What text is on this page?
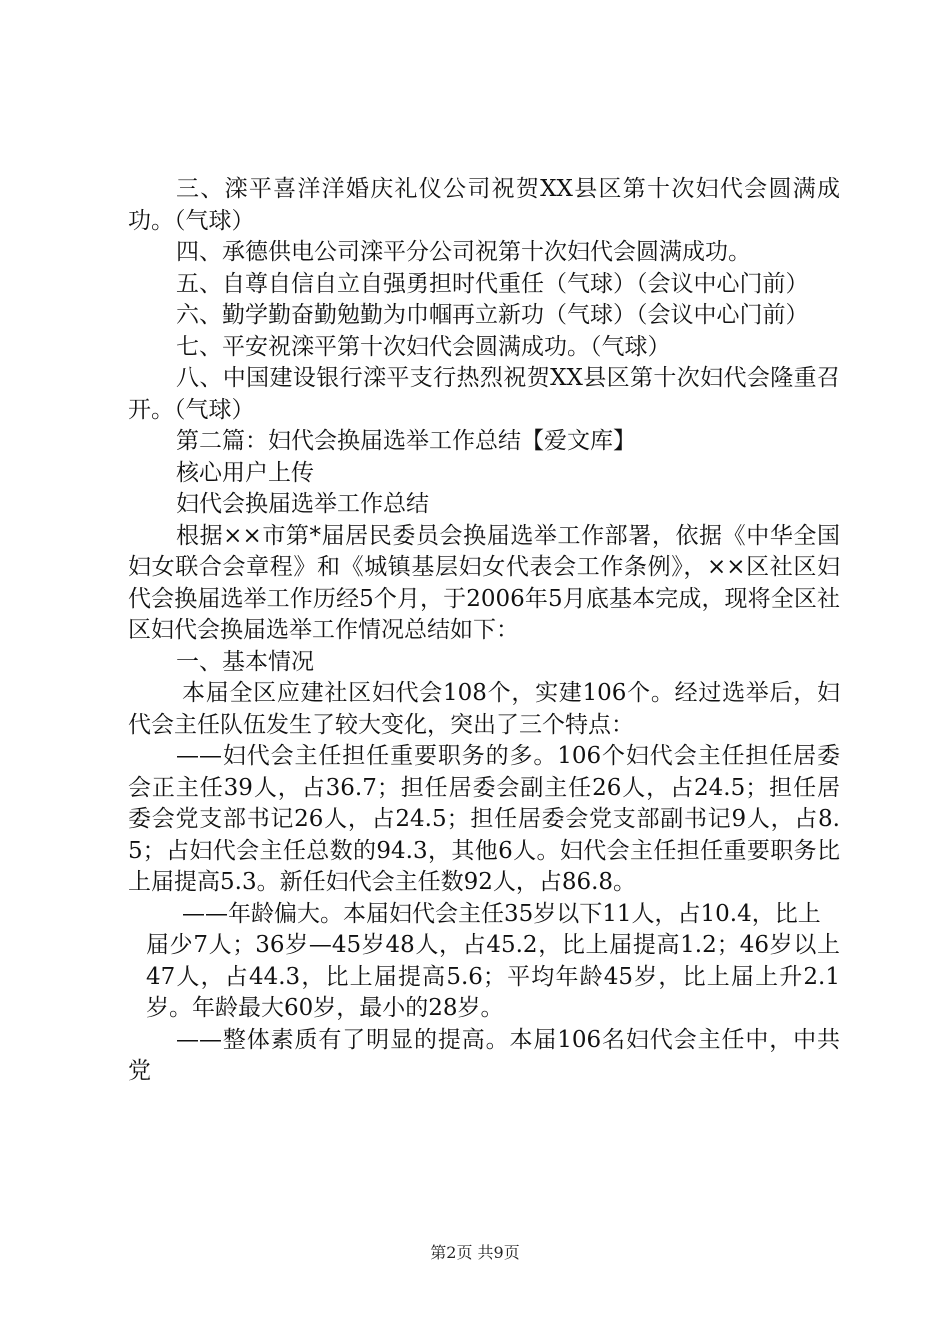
三、滦平喜洋洋婚庆礼仪公司祝贺XX县区第十次妇代会圆满成功。（气球）

四、承德供电公司滦平分公司祝第十次妇代会圆满成功。

五、自尊自信自立自强勇担时代重任（气球）（会议中心门前）

六、勤学勤奋勤勉勤为巾帼再立新功（气球）（会议中心门前）

七、平安祝滦平第十次妇代会圆满成功。（气球）

八、中国建设银行滦平支行热烈祝贺XX县区第十次妇代会隆重召开。（气球）

第二篇：妇代会换届选举工作总结【爱文库】

核心用户上传

妇代会换届选举工作总结

根据××市第*届居民委员会换届选举工作部署，依据《中华全国妇女联合会章程》和《城镇基层妇女代表会工作条例》，××区社区妇代会换届选举工作历经5个月，于2006年5月底基本完成，现将全区社区妇代会换届选举工作情况总结如下：

一、基本情况

本届全区应建社区妇代会108个，实建106个。经过选举后，妇代会主任队伍发生了较大变化，突出了三个特点：

——妇代会主任担任重要职务的多。106个妇代会主任担任居委会正主任39人，占36.7；担任居委会副主任26人，占24.5；担任居委会党支部书记26人，占24.5；担任居委会党支部副书记9人，占8.5；占妇代会主任总数的94.3，其他6人。妇代会主任担任重要职务比上届提高5.3。新任妇代会主任数92人，占86.8。

——年龄偏大。本届妇代会主任35岁以下11人，占10.4，比上

届少7人；36岁—45岁48人，占45.2，比上届提高1.2；46岁以上47人，占44.3，比上届提高5.6；平均年龄45岁，比上届上升2.1岁。年龄最大60岁，最小的28岁。

——整体素质有了明显的提高。本届106名妇代会主任中，中共党

第2页 共9页
